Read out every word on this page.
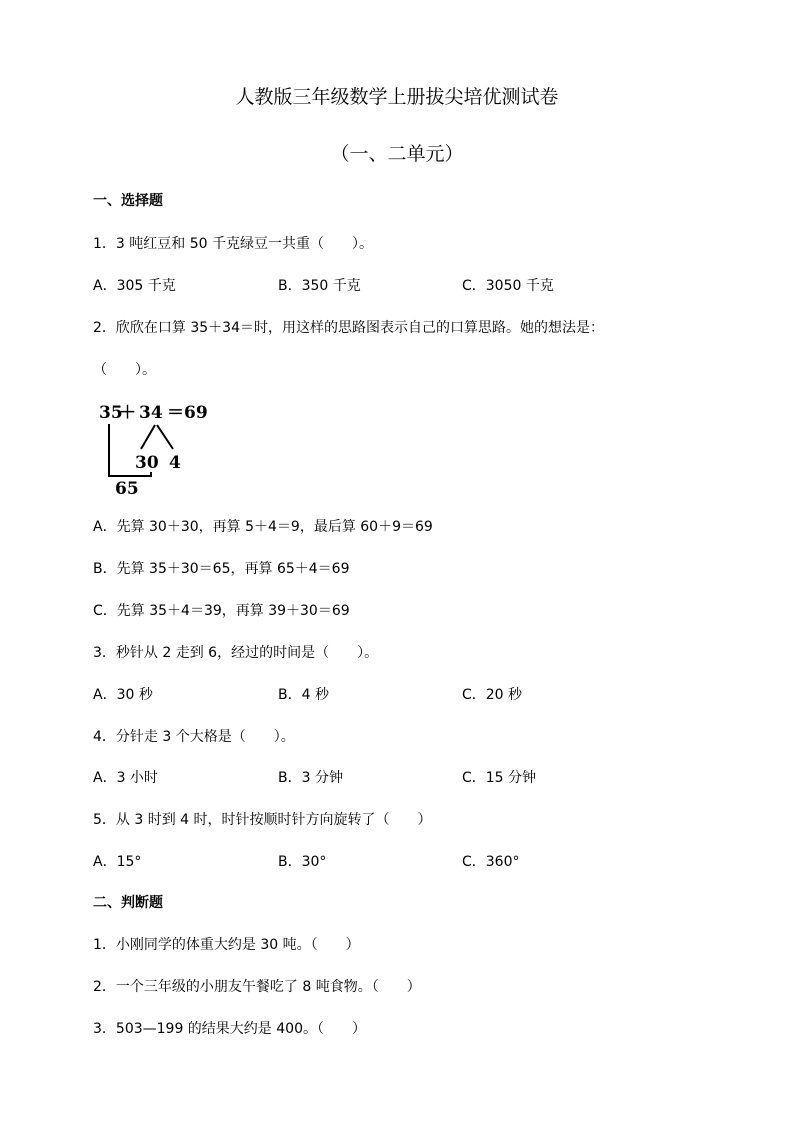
人教版三年级数学上册拔尖培优测试卷
（一、二单元）
一、选择题
1．3 吨红豆和 50 千克绿豆一共重（　　）。
A．305 千克	B．350 千克	C．3050 千克
2．欣欣在口算 35＋34＝时，用这样的思路图表示自己的口算思路。她的想法是：
（　　）。
35
＋ 34 ＝69
30 4
65
A．先算 30＋30，再算 5＋4＝9，最后算 60＋9＝69
B．先算 35＋30＝65，再算 65＋4＝69
C．先算 35＋4＝39，再算 39＋30＝69
3．秒针从 2 走到 6，经过的时间是（　　）。
A．30 秒	B．4 秒	C．20 秒
4．分针走 3 个大格是（　　）。
A．3 小时	B．3 分钟	C．15 分钟
5．从 3 时到 4 时，时针按顺时针方向旋转了（　　）
A．15°	B．30°	C．360°
二、判断题
1．小刚同学的体重大约是 30 吨。（　　）
2．一个三年级的小朋友午餐吃了 8 吨食物。（　　）
3．503—199 的结果大约是 400。（　　）
